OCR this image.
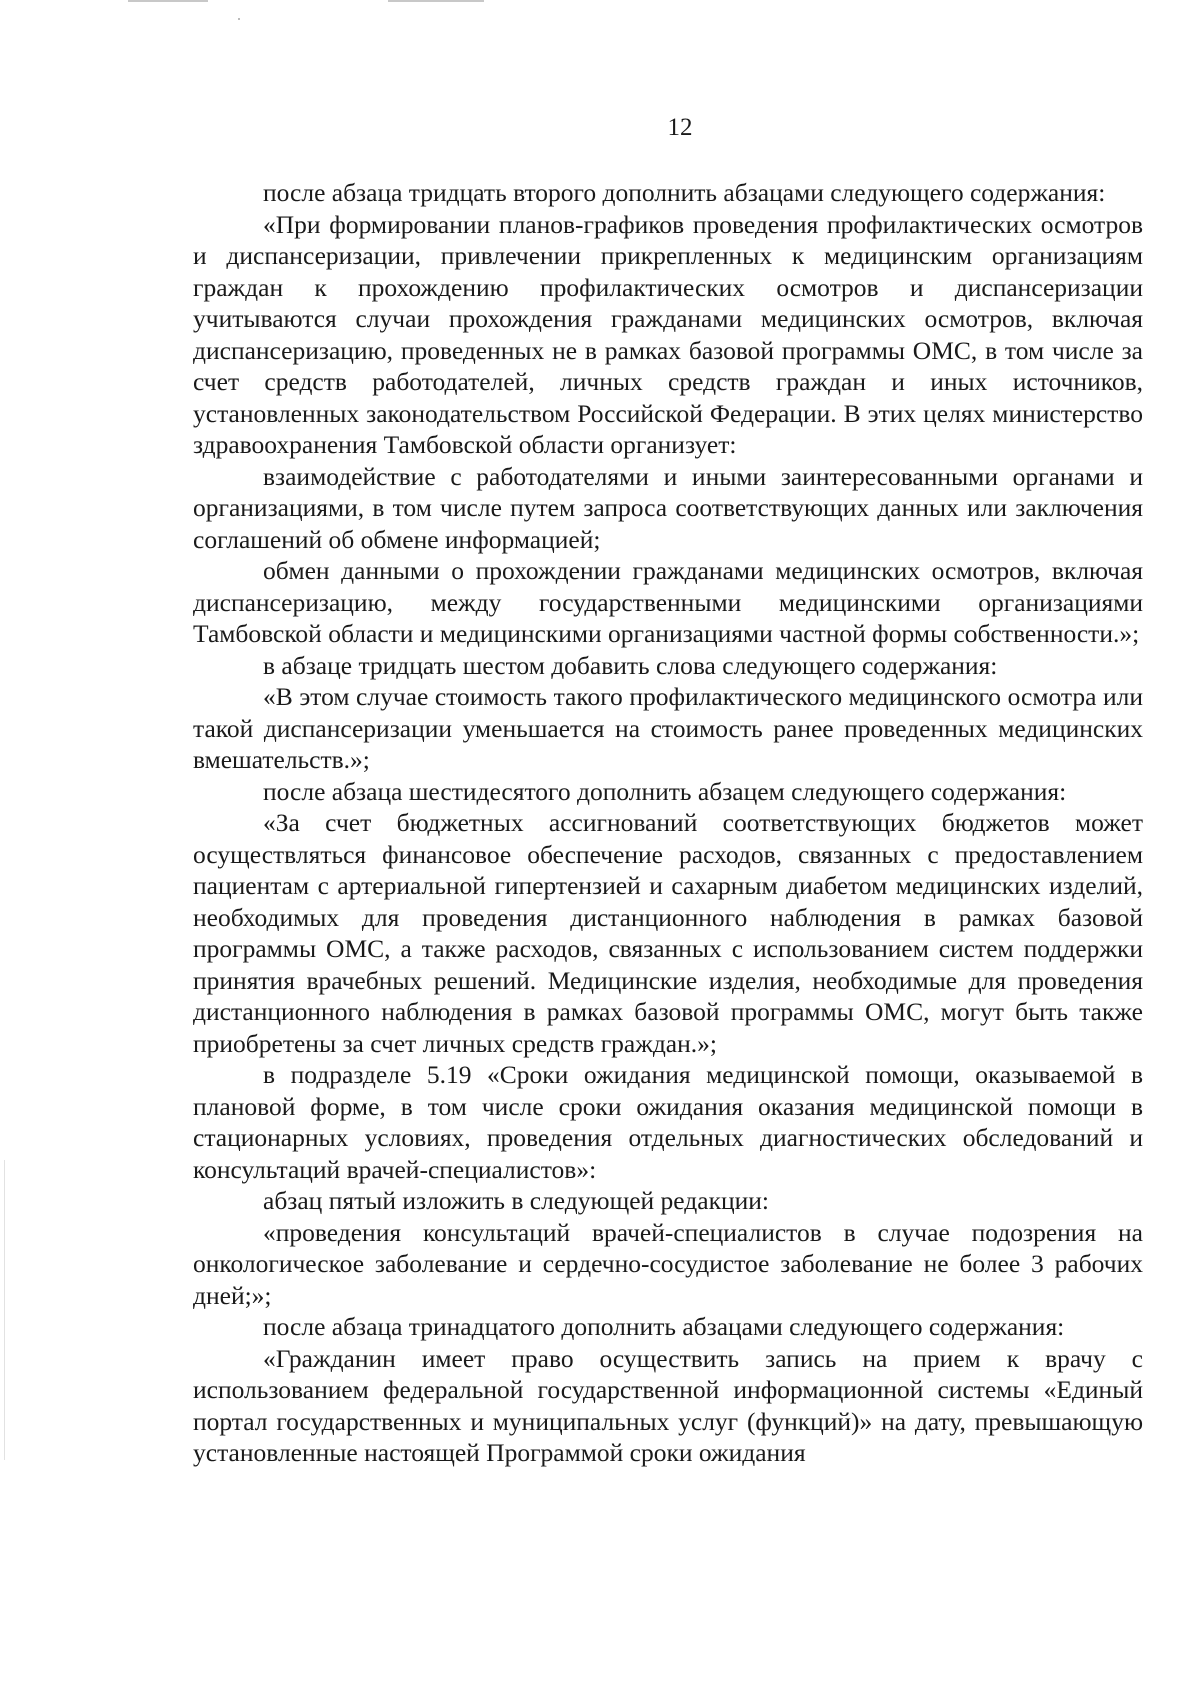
12

после абзаца тридцать второго дополнить абзацами следующего содержания:

«При формировании планов-графиков проведения профилактических осмотров и диспансеризации, привлечении прикрепленных к медицинским организациям граждан к прохождению профилактических осмотров и диспансеризации учитываются случаи прохождения гражданами медицинских осмотров, включая диспансеризацию, проведенных не в рамках базовой программы ОМС, в том числе за счет средств работодателей, личных средств граждан и иных источников, установленных законодательством Российской Федерации. В этих целях министерство здравоохранения Тамбовской области организует:

взаимодействие с работодателями и иными заинтересованными органами и организациями, в том числе путем запроса соответствующих данных или заключения соглашений об обмене информацией;

обмен данными о прохождении гражданами медицинских осмотров, включая диспансеризацию, между государственными медицинскими организациями Тамбовской области и медицинскими организациями частной формы собственности.»;

в абзаце тридцать шестом добавить слова следующего содержания:

«В этом случае стоимость такого профилактического медицинского осмотра или такой диспансеризации уменьшается на стоимость ранее проведенных медицинских вмешательств.»;

после абзаца шестидесятого дополнить абзацем следующего содержания:

«За счет бюджетных ассигнований соответствующих бюджетов может осуществляться финансовое обеспечение расходов, связанных с предоставлением пациентам с артериальной гипертензией и сахарным диабетом медицинских изделий, необходимых для проведения дистанционного наблюдения в рамках базовой программы ОМС, а также расходов, связанных с использованием систем поддержки принятия врачебных решений. Медицинские изделия, необходимые для проведения дистанционного наблюдения в рамках базовой программы ОМС, могут быть также приобретены за счет личных средств граждан.»;

в подразделе 5.19 «Сроки ожидания медицинской помощи, оказываемой в плановой форме, в том числе сроки ожидания оказания медицинской помощи в стационарных условиях, проведения отдельных диагностических обследований и консультаций врачей-специалистов»:

абзац пятый изложить в следующей редакции:

«проведения консультаций врачей-специалистов в случае подозрения на онкологическое заболевание и сердечно-сосудистое заболевание не более 3 рабочих дней;»;

после абзаца тринадцатого дополнить абзацами следующего содержания:

«Гражданин имеет право осуществить запись на прием к врачу с использованием федеральной государственной информационной системы «Единый портал государственных и муниципальных услуг (функций)» на дату, превышающую установленные настоящей Программой сроки ожидания
